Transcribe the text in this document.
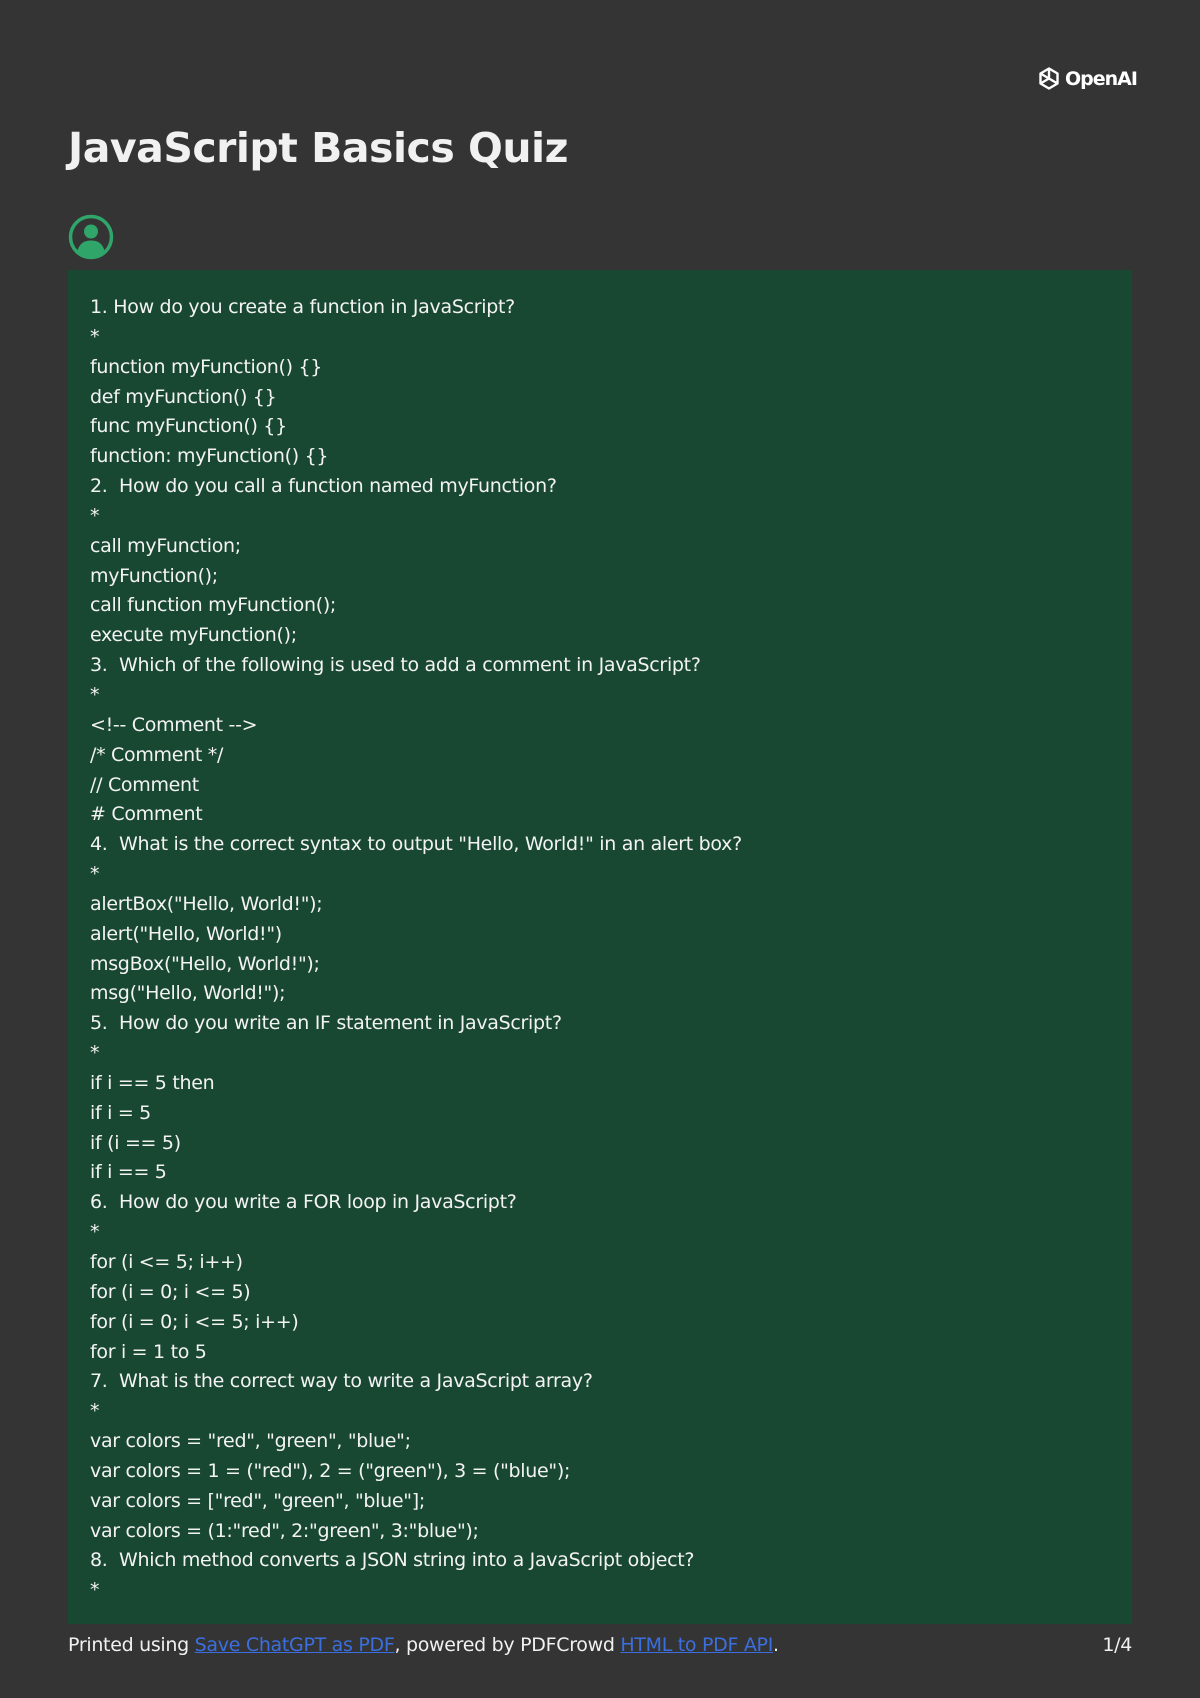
OpenAI
JavaScript Basics Quiz
1. How do you create a function in JavaScript?
*
function myFunction() {}
def myFunction() {}
func myFunction() {}
function: myFunction() {}
2.  How do you call a function named myFunction?
*
call myFunction;
myFunction();
call function myFunction();
execute myFunction();
3.  Which of the following is used to add a comment in JavaScript?
*
<!-- Comment -->
/* Comment */
// Comment
# Comment
4.  What is the correct syntax to output "Hello, World!" in an alert box?
*
alertBox("Hello, World!");
alert("Hello, World!")
msgBox("Hello, World!");
msg("Hello, World!");
5.  How do you write an IF statement in JavaScript?
*
if i == 5 then
if i = 5
if (i == 5)
if i == 5
6.  How do you write a FOR loop in JavaScript?
*
for (i <= 5; i++)
for (i = 0; i <= 5)
for (i = 0; i <= 5; i++)
for i = 1 to 5
7.  What is the correct way to write a JavaScript array?
*
var colors = "red", "green", "blue";
var colors = 1 = ("red"), 2 = ("green"), 3 = ("blue");
var colors = ["red", "green", "blue"];
var colors = (1:"red", 2:"green", 3:"blue");
8.  Which method converts a JSON string into a JavaScript object?
*
Printed using Save ChatGPT as PDF, powered by PDFCrowd HTML to PDF API.	1/4
